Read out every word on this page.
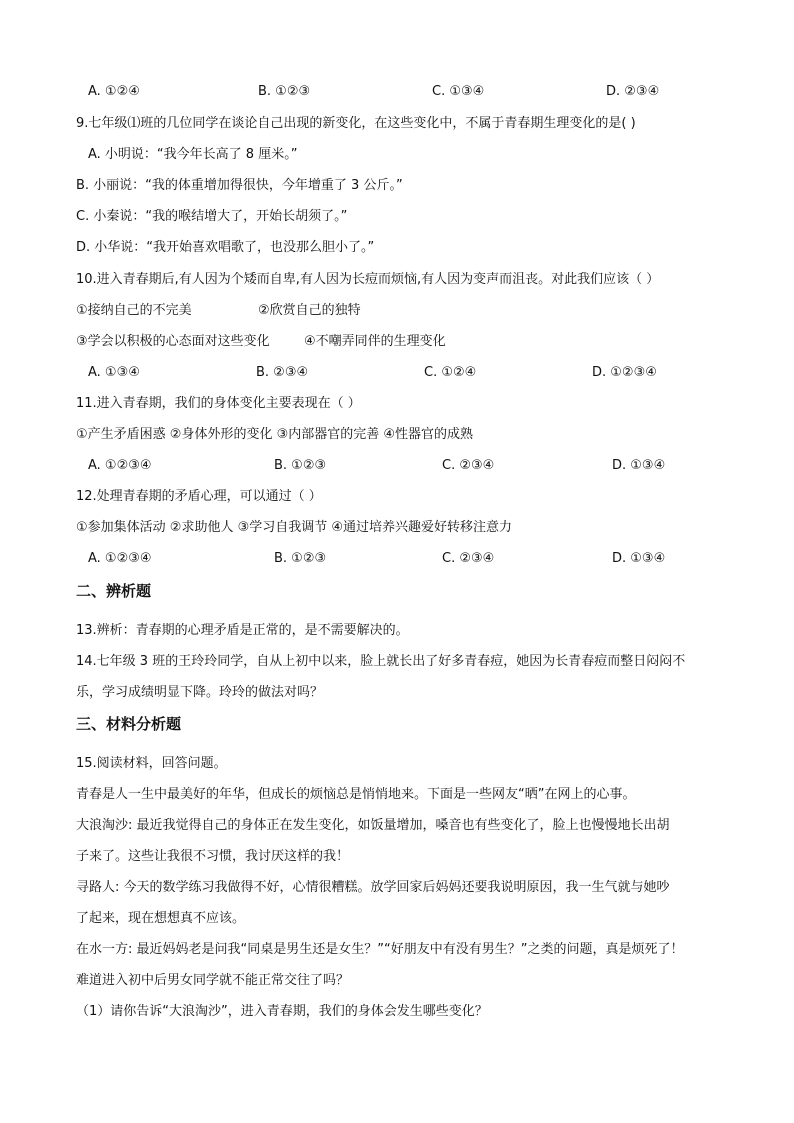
A. ①②④	B. ①②③	C. ①③④	D. ②③④
9.七年级⑴班的几位同学在谈论自己出现的新变化，在这些变化中，不属于青春期生理变化的是( )
A. 小明说：“我今年长高了 8 厘米。”
B. 小丽说：“我的体重增加得很快，今年增重了 3 公斤。”
C. 小秦说：“我的喉结增大了，开始长胡须了。”
D. 小华说：“我开始喜欢唱歌了，也没那么胆小了。”
10.进入青春期后,有人因为个矮而自卑,有人因为长痘而烦恼,有人因为变声而沮丧。对此我们应该（ ）
①接纳自己的不完美	②欣赏自己的独特
③学会以积极的心态面对这些变化	④不嘲弄同伴的生理变化
A. ①③④	B. ②③④	C. ①②④	D. ①②③④
11.进入青春期，我们的身体变化主要表现在（ ）
①产生矛盾困惑 ②身体外形的变化 ③内部器官的完善 ④性器官的成熟
A. ①②③④	B. ①②③	C. ②③④	D. ①③④
12.处理青春期的矛盾心理，可以通过（ ）
①参加集体活动 ②求助他人 ③学习自我调节 ④通过培养兴趣爱好转移注意力
A. ①②③④	B. ①②③	C. ②③④	D. ①③④
二、辨析题
13.辨析：青春期的心理矛盾是正常的，是不需要解决的。
14.七年级 3 班的王玲玲同学，自从上初中以来，脸上就长出了好多青春痘，她因为长青春痘而整日闷闷不
乐，学习成绩明显下降。玲玲的做法对吗？
三、材料分析题
15.阅读材料，回答问题。
青春是人一生中最美好的年华，但成长的烦恼总是悄悄地来。下面是一些网友“晒”在网上的心事。
大浪淘沙: 最近我觉得自己的身体正在发生变化，如饭量增加，嗓音也有些变化了，脸上也慢慢地长出胡
子来了。这些让我很不习惯，我讨厌这样的我！
寻路人: 今天的数学练习我做得不好，心情很糟糕。放学回家后妈妈还要我说明原因，我一生气就与她吵
了起来，现在想想真不应该。
在水一方: 最近妈妈老是问我“同桌是男生还是女生？”“好朋友中有没有男生？”之类的问题，真是烦死了！
难道进入初中后男女同学就不能正常交往了吗？
（1）请你告诉“大浪淘沙”，进入青春期，我们的身体会发生哪些变化？
